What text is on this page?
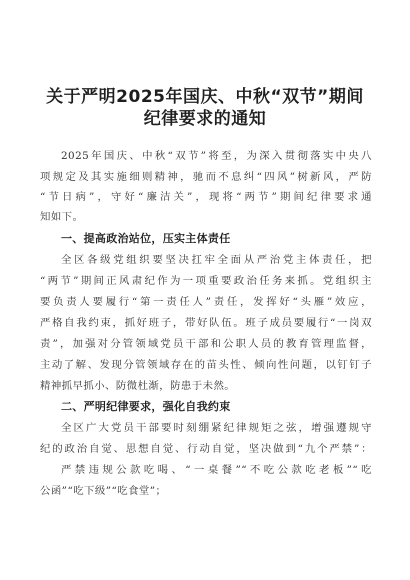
关于严明2025年国庆、中秋“双节”期间
纪律要求的通知
2025年国庆、中秋“双节”将至，为深入贯彻落实中央八
项规定及其实施细则精神，驰而不息纠“四风”树新风，严防
“节日病”，守好“廉洁关”，现将“两节”期间纪律要求通
知如下。
一、提高政治站位，压实主体责任
全区各级党组织要坚决扛牢全面从严治党主体责任，把
“两节”期间正风肃纪作为一项重要政治任务来抓。党组织主
要负责人要履行“第一责任人”责任，发挥好“头雁”效应，
严格自我约束，抓好班子，带好队伍。班子成员要履行“一岗双
责”，加强对分管领域党员干部和公职人员的教育管理监督，
主动了解、发现分管领域存在的苗头性、倾向性问题，以钉钉子
精神抓早抓小、防微杜渐，防患于未然。
二、严明纪律要求，强化自我约束
全区广大党员干部要时刻绷紧纪律规矩之弦，增强遵规守
纪的政治自觉、思想自觉、行动自觉，坚决做到“九个严禁”：
严禁违规公款吃喝、“一桌餐”“不吃公款吃老板”“吃
公函”“吃下级”“吃食堂”；
